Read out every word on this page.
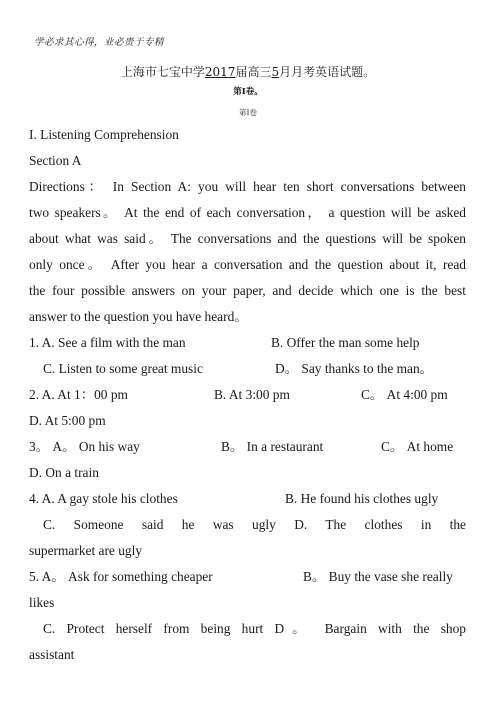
学必求其心得，业必贵于专精
上海市七宝中学2017届高三5月月考英语试题。
第I卷。
第I卷
I. Listening Comprehension
Section A
Directions： In Section A: you will hear ten short conversations between
two speakers。 At the end of each conversation， a question will be asked
about what was said。 The conversations and the questions will be spoken
only once。 After you hear a conversation and the question about it, read
the four possible answers on your paper, and decide which one is the best
answer to the question you have heard。
1. A. See a film with the man	B. Offer the man some help
C. Listen to some great music	D。 Say thanks to the man。
2. A. At 1：00 pm	B. At 3:00 pm	C。 At 4:00 pm
D. At 5:00 pm
3。 A。 On his way	B。 In a restaurant	C。 At home
D. On a train
4. A. A gay stole his clothes	B. He found his clothes ugly
C. Someone said he was ugly D. The clothes in the
supermarket are ugly
5. A。 Ask for something cheaper	B。 Buy the vase she really
likes
C. Protect herself from being hurt D。 Bargain with the shop
assistant
